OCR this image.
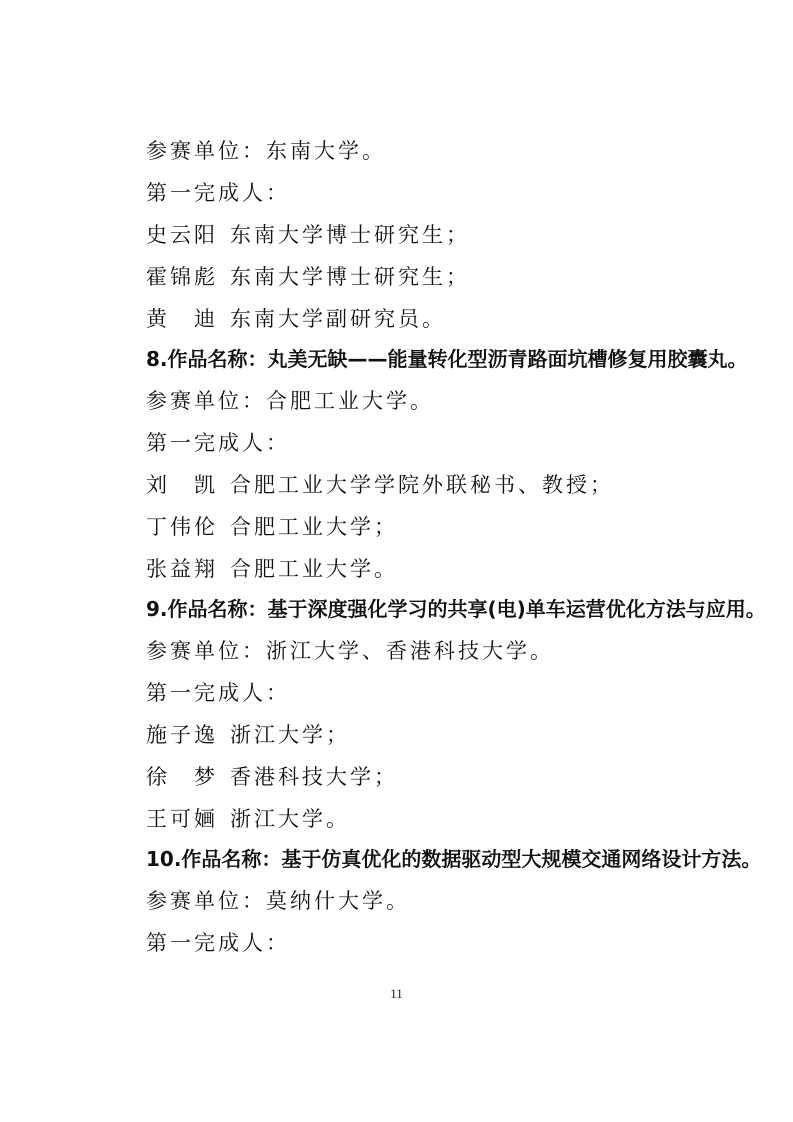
参赛单位：东南大学。
第一完成人：
史云阳 东南大学博士研究生；
霍锦彪 东南大学博士研究生；
黄　迪 东南大学副研究员。
8.作品名称：丸美无缺——能量转化型沥青路面坑槽修复用胶囊丸。
参赛单位：合肥工业大学。
第一完成人：
刘　凯 合肥工业大学学院外联秘书、教授；
丁伟伦 合肥工业大学；
张益翔 合肥工业大学。
9.作品名称：基于深度强化学习的共享(电)单车运营优化方法与应用。
参赛单位：浙江大学、香港科技大学。
第一完成人：
施子逸 浙江大学；
徐　梦 香港科技大学；
王可婳 浙江大学。
10.作品名称：基于仿真优化的数据驱动型大规模交通网络设计方法。
参赛单位：莫纳什大学。
第一完成人：
11
